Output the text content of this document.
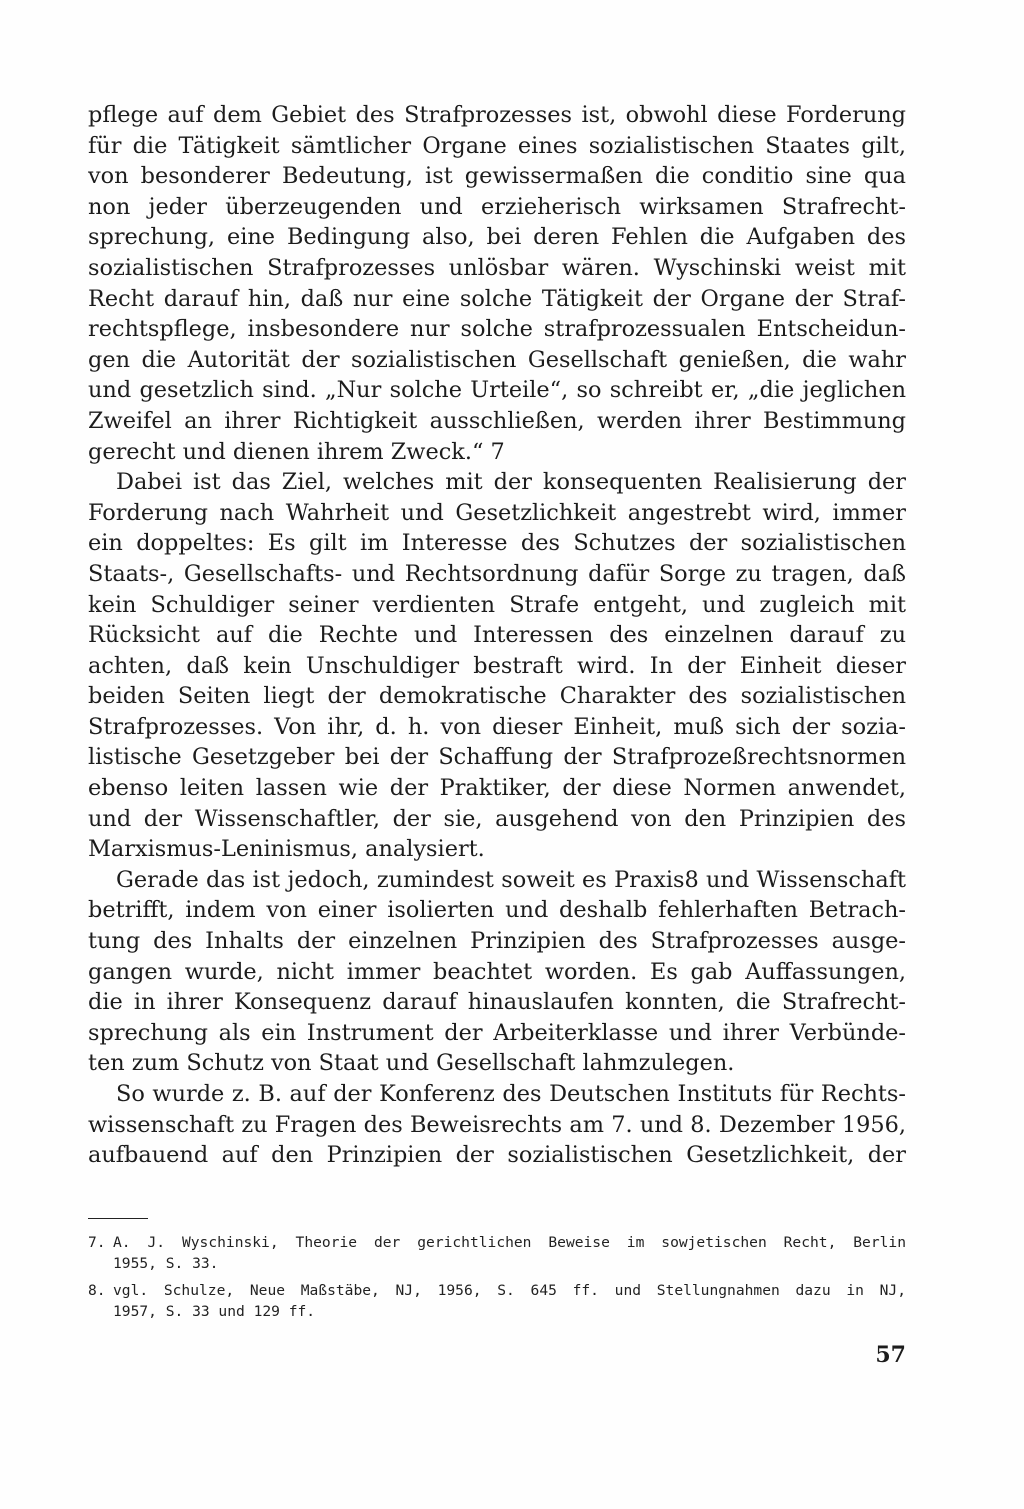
pflege auf dem Gebiet des Strafprozesses ist, obwohl diese Forderung
für die Tätigkeit sämtlicher Organe eines sozialistischen Staates gilt,
von besonderer Bedeutung, ist gewissermaßen die conditio sine qua
non jeder überzeugenden und erzieherisch wirksamen Strafrecht-
sprechung, eine Bedingung also, bei deren Fehlen die Aufgaben des
sozialistischen Strafprozesses unlösbar wären. Wyschinski weist mit
Recht darauf hin, daß nur eine solche Tätigkeit der Organe der Straf-
rechtspflege, insbesondere nur solche strafprozessualen Entscheidun-
gen die Autorität der sozialistischen Gesellschaft genießen, die wahr
und gesetzlich sind. „Nur solche Urteile“, so schreibt er, „die jeglichen
Zweifel an ihrer Richtigkeit ausschließen, werden ihrer Bestimmung
gerecht und dienen ihrem Zweck.“ 7
Dabei ist das Ziel, welches mit der konsequenten Realisierung der
Forderung nach Wahrheit und Gesetzlichkeit angestrebt wird, immer
ein doppeltes: Es gilt im Interesse des Schutzes der sozialistischen
Staats-, Gesellschafts- und Rechtsordnung dafür Sorge zu tragen, daß
kein Schuldiger seiner verdienten Strafe entgeht, und zugleich mit
Rücksicht auf die Rechte und Interessen des einzelnen darauf zu
achten, daß kein Unschuldiger bestraft wird. In der Einheit dieser
beiden Seiten liegt der demokratische Charakter des sozialistischen
Strafprozesses. Von ihr, d. h. von dieser Einheit, muß sich der sozia-
listische Gesetzgeber bei der Schaffung der Strafprozeßrechtsnormen
ebenso leiten lassen wie der Praktiker, der diese Normen anwendet,
und der Wissenschaftler, der sie, ausgehend von den Prinzipien des
Marxismus-Leninismus, analysiert.
Gerade das ist jedoch, zumindest soweit es Praxis8 und Wissenschaft
betrifft, indem von einer isolierten und deshalb fehlerhaften Betrach-
tung des Inhalts der einzelnen Prinzipien des Strafprozesses ausge-
gangen wurde, nicht immer beachtet worden. Es gab Auffassungen,
die in ihrer Konsequenz darauf hinauslaufen konnten, die Strafrecht-
sprechung als ein Instrument der Arbeiterklasse und ihrer Verbünde-
ten zum Schutz von Staat und Gesellschaft lahmzulegen.
So wurde z. B. auf der Konferenz des Deutschen Instituts für Rechts-
wissenschaft zu Fragen des Beweisrechts am 7. und 8. Dezember 1956,
aufbauend auf den Prinzipien der sozialistischen Gesetzlichkeit, der
7. A. J. Wyschinski, Theorie der gerichtlichen Beweise im sowjetischen Recht, Berlin
1955, S. 33.
8. vgl. Schulze, Neue Maßstäbe, NJ, 1956, S. 645 ff. und Stellungnahmen dazu in NJ,
1957, S. 33 und 129 ff.
57
